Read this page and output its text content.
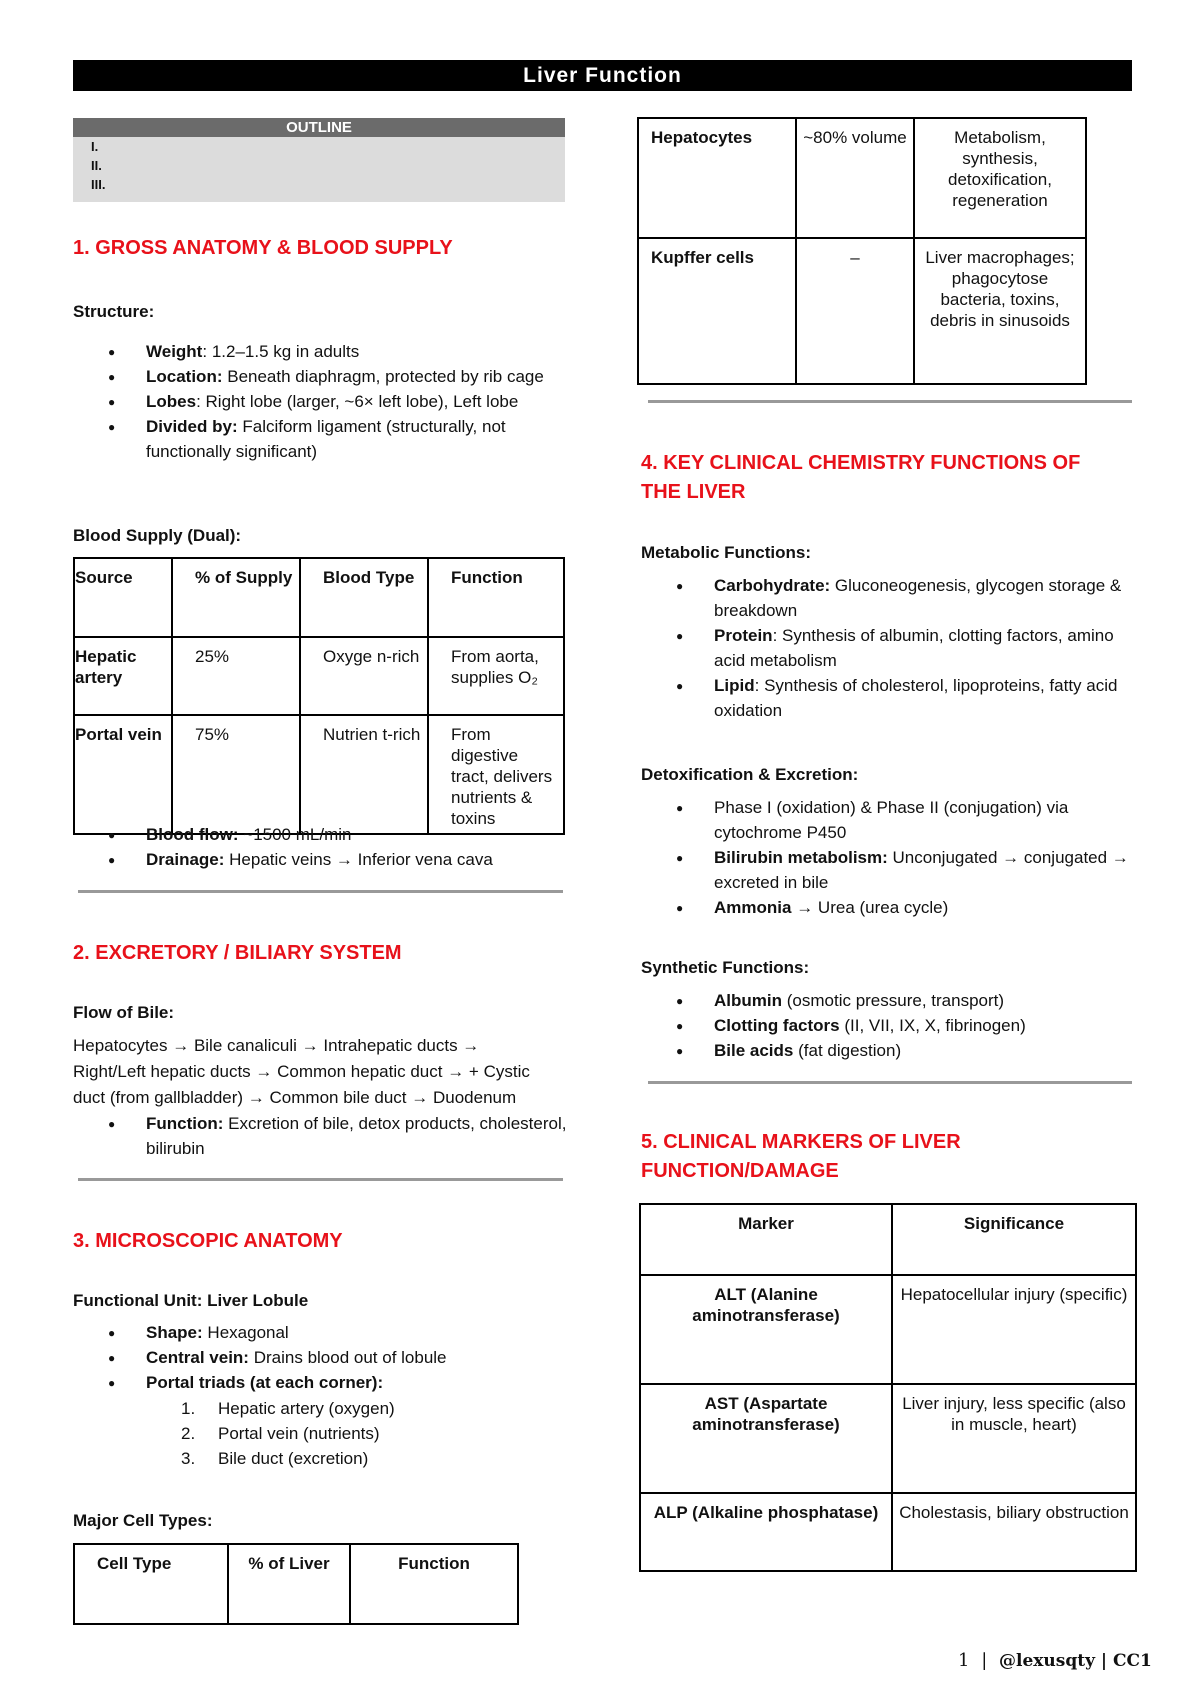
Liver Function
OUTLINE
I.
II.
III.
1. GROSS ANATOMY & BLOOD SUPPLY
Structure:
● Weight: 1.2–1.5 kg in adults
● Location: Beneath diaphragm, protected by rib cage
● Lobes: Right lobe (larger, ~6× left lobe), Left lobe
● Divided by: Falciform ligament (structurally, not functionally significant)
Blood Supply (Dual):
Source	% of Supply	Blood Type	Function
Hepatic artery	25%	Oxyge n-rich	From aorta, supplies O₂
Portal vein	75%	Nutrien t-rich	From digestive tract, delivers nutrients & toxins
● Blood flow: ~1500 mL/min
● Drainage: Hepatic veins → Inferior vena cava
2. EXCRETORY / BILIARY SYSTEM
Flow of Bile:
Hepatocytes → Bile canaliculi → Intrahepatic ducts →
Right/Left hepatic ducts → Common hepatic duct → + Cystic
duct (from gallbladder) → Common bile duct → Duodenum
● Function: Excretion of bile, detox products, cholesterol, bilirubin
3. MICROSCOPIC ANATOMY
Functional Unit: Liver Lobule
● Shape: Hexagonal
● Central vein: Drains blood out of lobule
● Portal triads (at each corner):
1. Hepatic artery (oxygen)
2. Portal vein (nutrients)
3. Bile duct (excretion)
Major Cell Types:
Cell Type	% of Liver	Function
Hepatocytes	~80% volume	Metabolism, synthesis, detoxification, regeneration
Kupffer cells	–	Liver macrophages; phagocytose bacteria, toxins, debris in sinusoids
4. KEY CLINICAL CHEMISTRY FUNCTIONS OF
THE LIVER
Metabolic Functions:
● Carbohydrate: Gluconeogenesis, glycogen storage & breakdown
● Protein: Synthesis of albumin, clotting factors, amino acid metabolism
● Lipid: Synthesis of cholesterol, lipoproteins, fatty acid oxidation
Detoxification & Excretion:
● Phase I (oxidation) & Phase II (conjugation) via cytochrome P450
● Bilirubin metabolism: Unconjugated → conjugated → excreted in bile
● Ammonia → Urea (urea cycle)
Synthetic Functions:
● Albumin (osmotic pressure, transport)
● Clotting factors (II, VII, IX, X, fibrinogen)
● Bile acids (fat digestion)
5. CLINICAL MARKERS OF LIVER
FUNCTION/DAMAGE
Marker	Significance
ALT (Alanine aminotransferase)	Hepatocellular injury (specific)
AST (Aspartate aminotransferase)	Liver injury, less specific (also in muscle, heart)
ALP (Alkaline phosphatase)	Cholestasis, biliary obstruction
1 | @lexusqty | CC1
